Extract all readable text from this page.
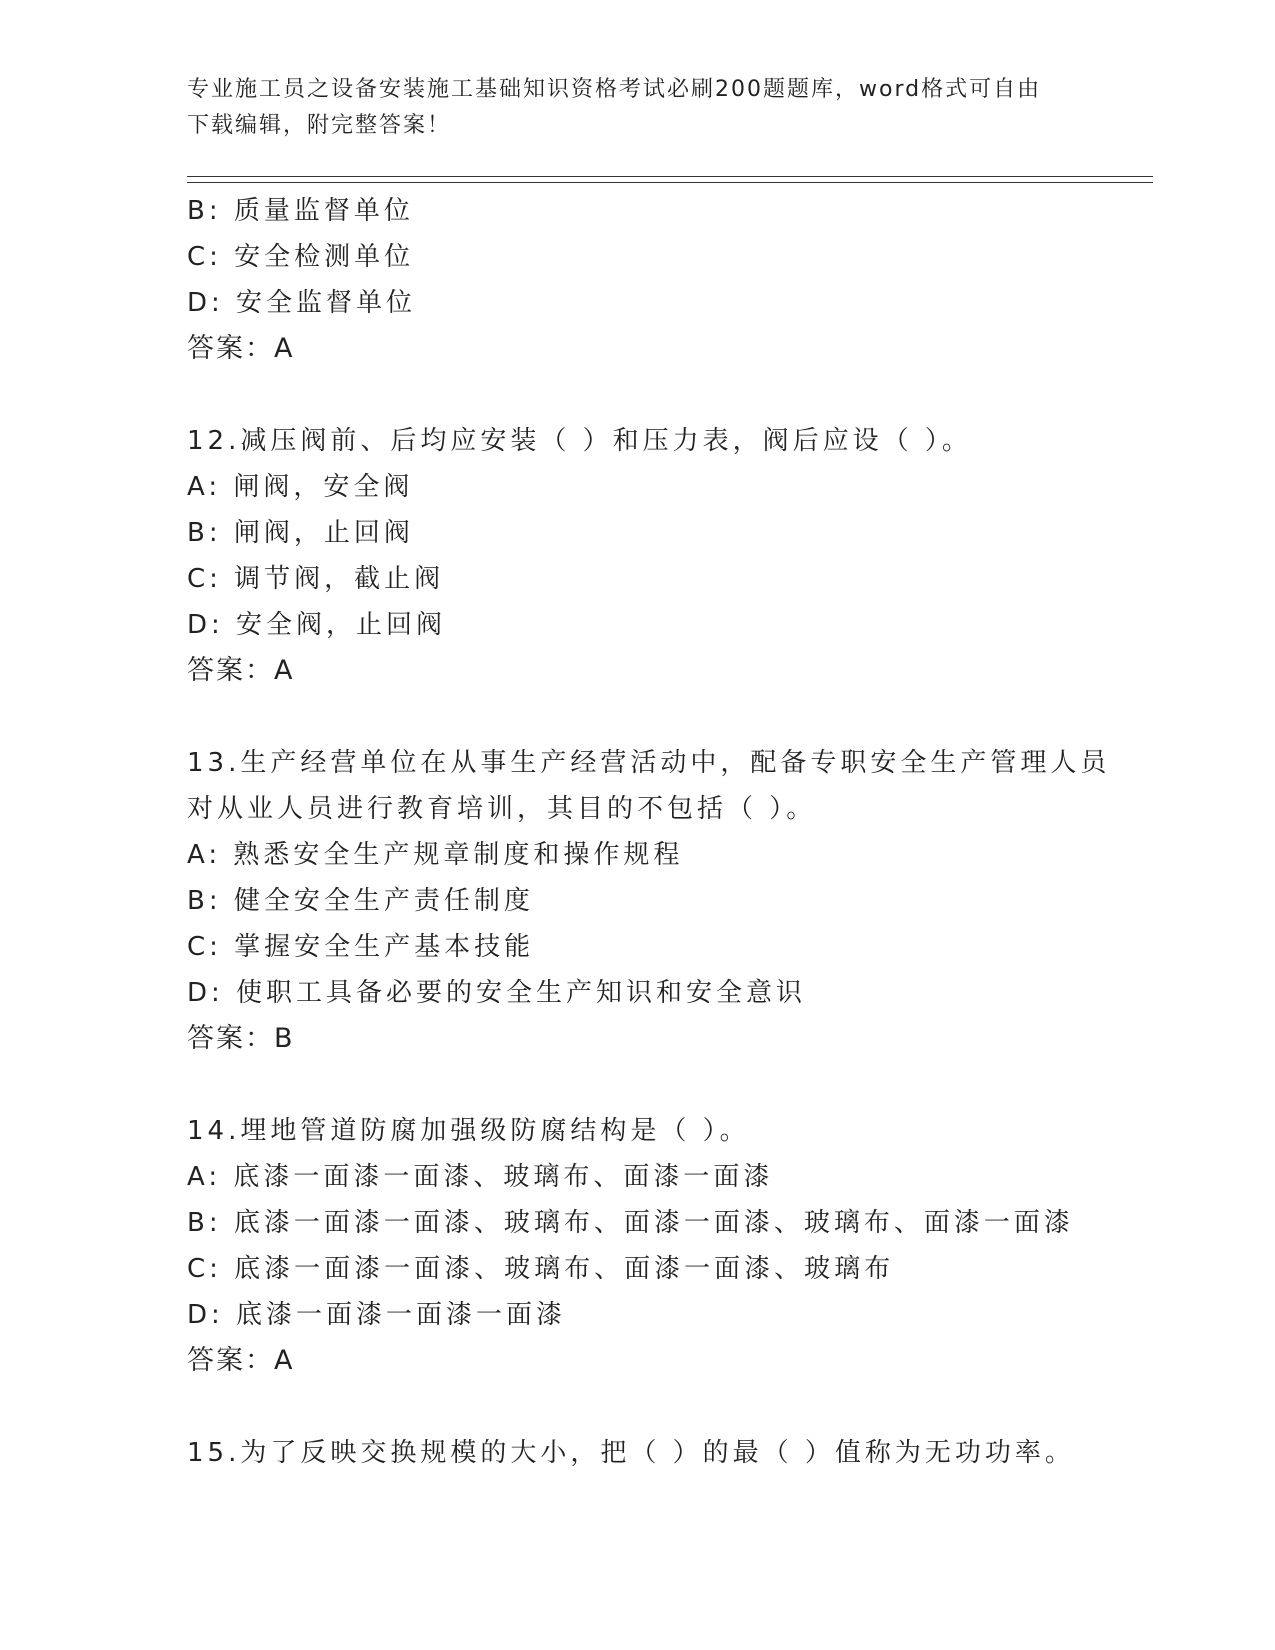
专业施工员之设备安装施工基础知识资格考试必刷200题题库，word格式可自由
下载编辑，附完整答案！
B: 质量监督单位
C: 安全检测单位
D: 安全监督单位
答案：A
12.减压阀前、后均应安装（ ）和压力表，阀后应设（ ）。
A: 闸阀，安全阀
B: 闸阀，止回阀
C: 调节阀，截止阀
D: 安全阀，止回阀
答案：A
13.生产经营单位在从事生产经营活动中，配备专职安全生产管理人员
对从业人员进行教育培训，其目的不包括（ ）。
A: 熟悉安全生产规章制度和操作规程
B: 健全安全生产责任制度
C: 掌握安全生产基本技能
D: 使职工具备必要的安全生产知识和安全意识
答案：B
14.埋地管道防腐加强级防腐结构是（ ）。
A: 底漆一面漆一面漆、玻璃布、面漆一面漆
B: 底漆一面漆一面漆、玻璃布、面漆一面漆、玻璃布、面漆一面漆
C: 底漆一面漆一面漆、玻璃布、面漆一面漆、玻璃布
D: 底漆一面漆一面漆一面漆
答案：A
15.为了反映交换规模的大小，把（ ）的最（ ）值称为无功功率。
